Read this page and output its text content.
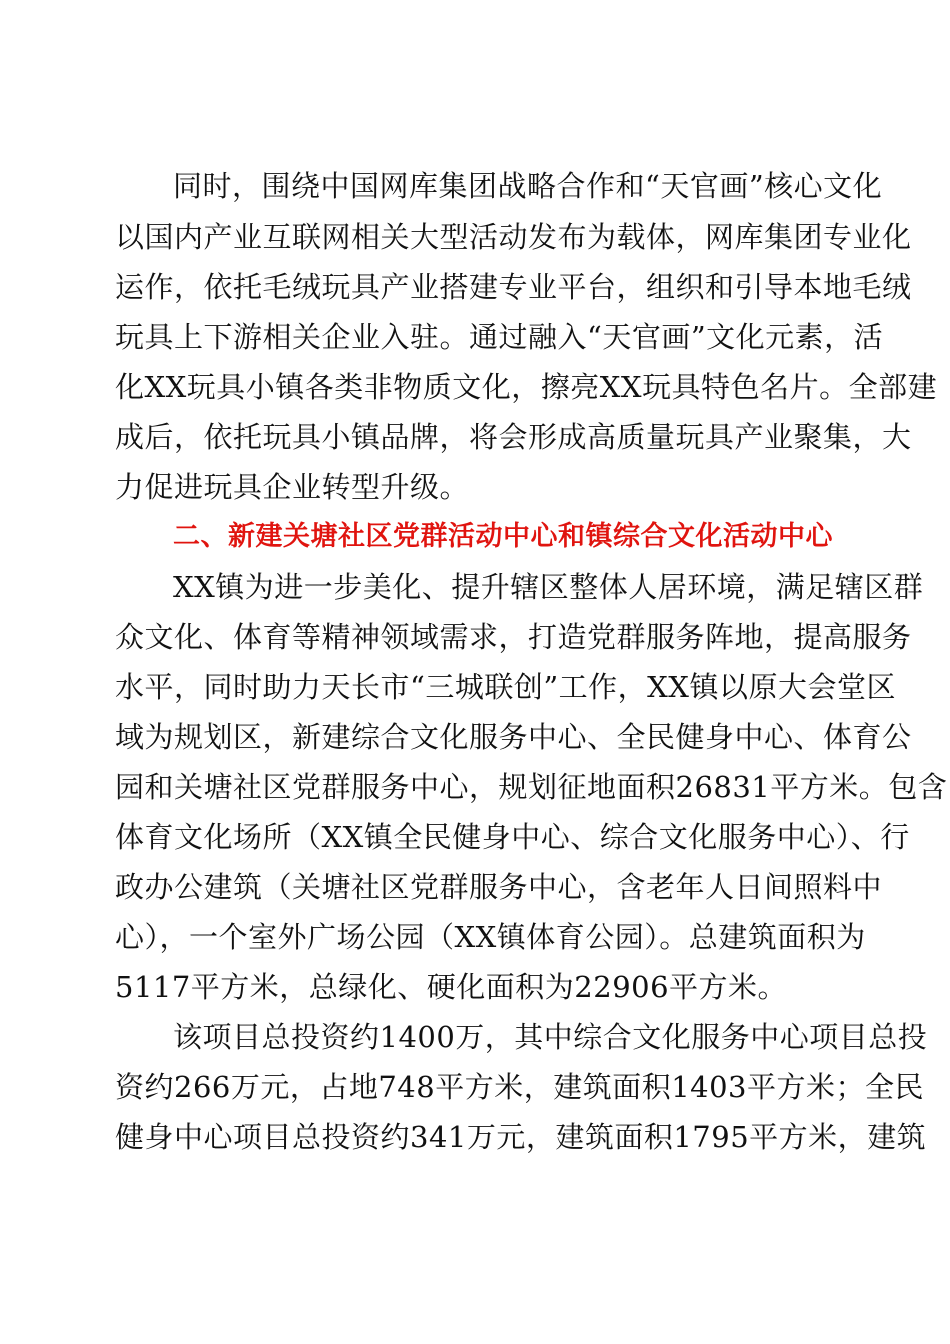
同时，围绕中国网库集团战略合作和“天官画”核心文化
以国内产业互联网相关大型活动发布为载体，网库集团专业化
运作，依托毛绒玩具产业搭建专业平台，组织和引导本地毛绒
玩具上下游相关企业入驻。通过融入“天官画”文化元素，活
化XX玩具小镇各类非物质文化，擦亮XX玩具特色名片。全部建
成后，依托玩具小镇品牌，将会形成高质量玩具产业聚集，大
力促进玩具企业转型升级。
二、新建关塘社区党群活动中心和镇综合文化活动中心
XX镇为进一步美化、提升辖区整体人居环境，满足辖区群
众文化、体育等精神领域需求，打造党群服务阵地，提高服务
水平，同时助力天长市“三城联创”工作，XX镇以原大会堂区
域为规划区，新建综合文化服务中心、全民健身中心、体育公
园和关塘社区党群服务中心，规划征地面积26831平方米。包含
体育文化场所（XX镇全民健身中心、综合文化服务中心）、行
政办公建筑（关塘社区党群服务中心，含老年人日间照料中
心），一个室外广场公园（XX镇体育公园）。总建筑面积为
5117平方米，总绿化、硬化面积为22906平方米。
该项目总投资约1400万，其中综合文化服务中心项目总投
资约266万元，占地748平方米，建筑面积1403平方米；全民
健身中心项目总投资约341万元，建筑面积1795平方米，建筑
